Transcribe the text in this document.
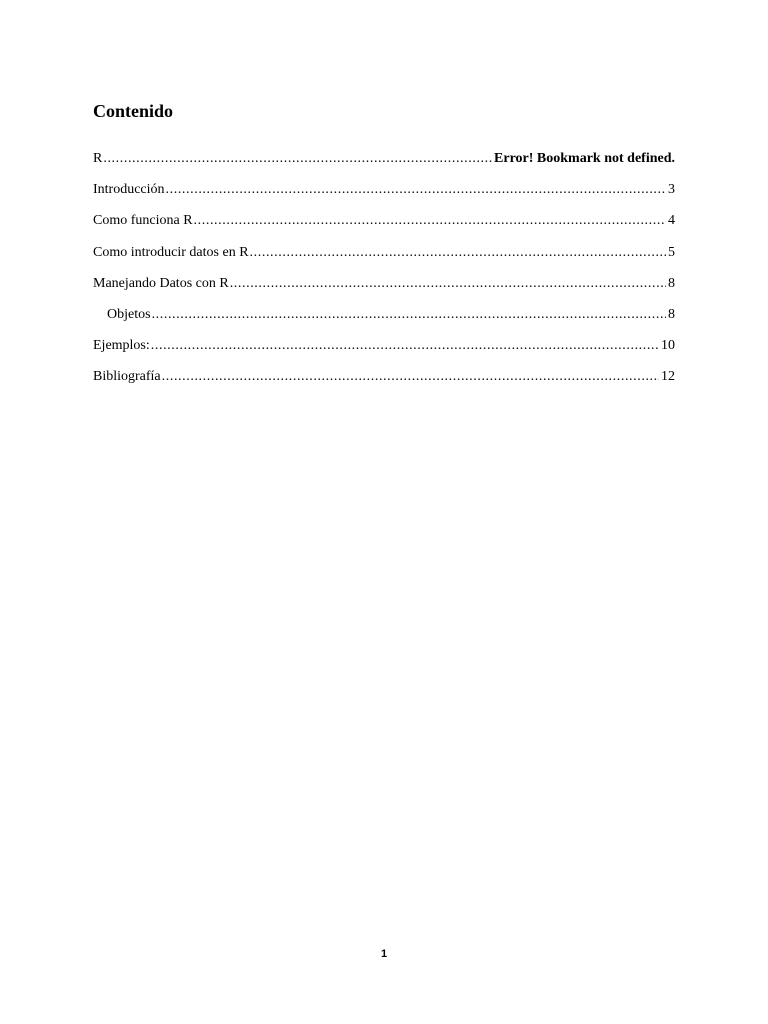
Contenido
R .....	Error! Bookmark not defined.
Introducción .....	3
Como funciona R .....	4
Como introducir datos en R .....	5
Manejando Datos con R .....	8
Objetos .....	8
Ejemplos: .....	10
Bibliografía .....	12
1
